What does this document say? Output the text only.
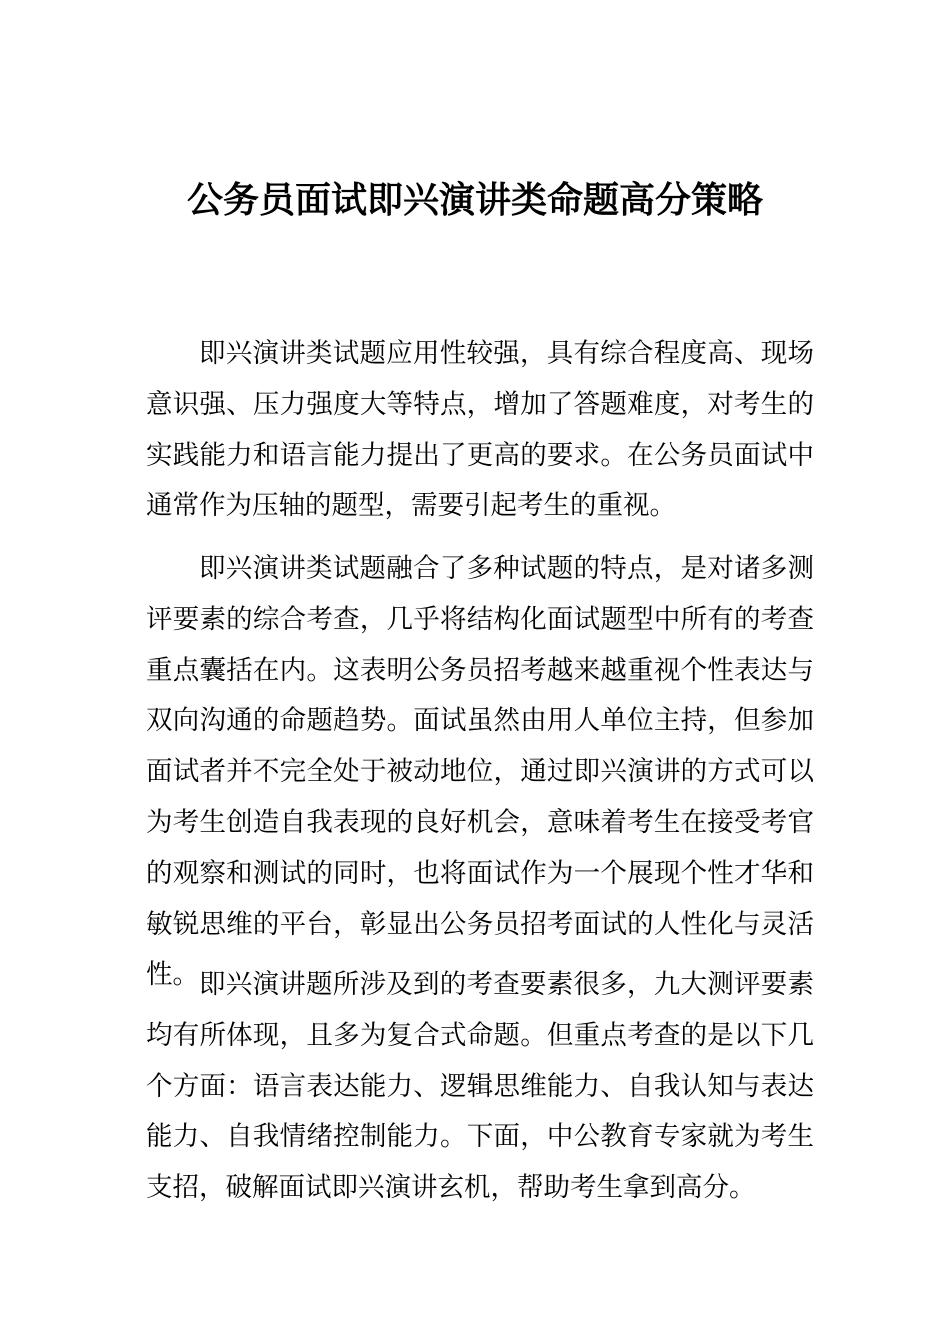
公务员面试即兴演讲类命题高分策略

即兴演讲类试题应用性较强，具有综合程度高、现场意识强、压力强度大等特点，增加了答题难度，对考生的实践能力和语言能力提出了更高的要求。在公务员面试中通常作为压轴的题型，需要引起考生的重视。

即兴演讲类试题融合了多种试题的特点，是对诸多测评要素的综合考查，几乎将结构化面试题型中所有的考查重点囊括在内。这表明公务员招考越来越重视个性表达与双向沟通的命题趋势。面试虽然由用人单位主持，但参加面试者并不完全处于被动地位，通过即兴演讲的方式可以为考生创造自我表现的良好机会，意味着考生在接受考官的观察和测试的同时，也将面试作为一个展现个性才华和敏锐思维的平台，彰显出公务员招考面试的人性化与灵活性。 即兴演讲题所涉及到的考查要素很多，九大测评要素均有所体现，且多为复合式命题。但重点考查的是以下几个方面：语言表达能力、逻辑思维能力、自我认知与表达能力、自我情绪控制能力。下面，中公教育专家就为考生支招，破解面试即兴演讲玄机，帮助考生拿到高分。
